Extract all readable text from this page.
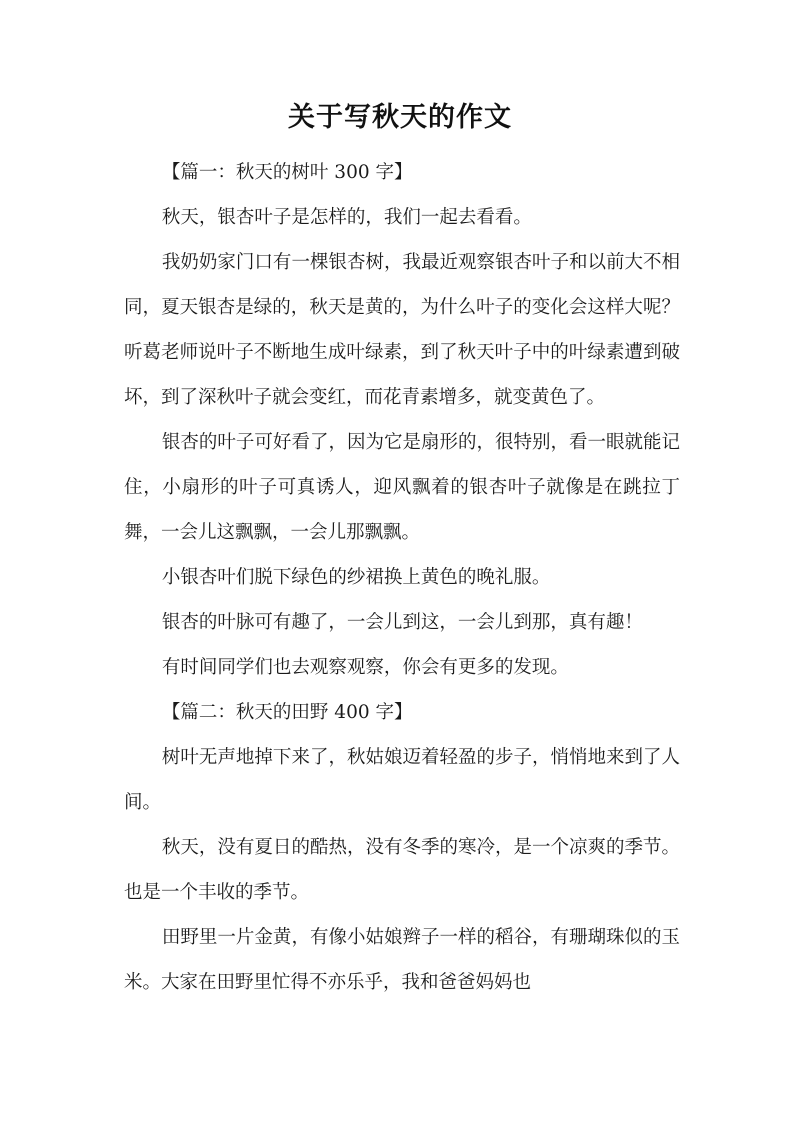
关于写秋天的作文

【篇一：秋天的树叶 300 字】

秋天，银杏叶子是怎样的，我们一起去看看。

我奶奶家门口有一棵银杏树，我最近观察银杏叶子和以前大不相同，夏天银杏是绿的，秋天是黄的，为什么叶子的变化会这样大呢？听葛老师说叶子不断地生成叶绿素，到了秋天叶子中的叶绿素遭到破坏，到了深秋叶子就会变红，而花青素增多，就变黄色了。

银杏的叶子可好看了，因为它是扇形的，很特别，看一眼就能记住，小扇形的叶子可真诱人，迎风飘着的银杏叶子就像是在跳拉丁舞，一会儿这飘飘，一会儿那飘飘。

小银杏叶们脱下绿色的纱裙换上黄色的晚礼服。

银杏的叶脉可有趣了，一会儿到这，一会儿到那，真有趣！

有时间同学们也去观察观察，你会有更多的发现。

【篇二：秋天的田野 400 字】

树叶无声地掉下来了，秋姑娘迈着轻盈的步子，悄悄地来到了人间。

秋天，没有夏日的酷热，没有冬季的寒冷，是一个凉爽的季节。也是一个丰收的季节。

田野里一片金黄，有像小姑娘辫子一样的稻谷，有珊瑚珠似的玉米。大家在田野里忙得不亦乐乎，我和爸爸妈妈也
